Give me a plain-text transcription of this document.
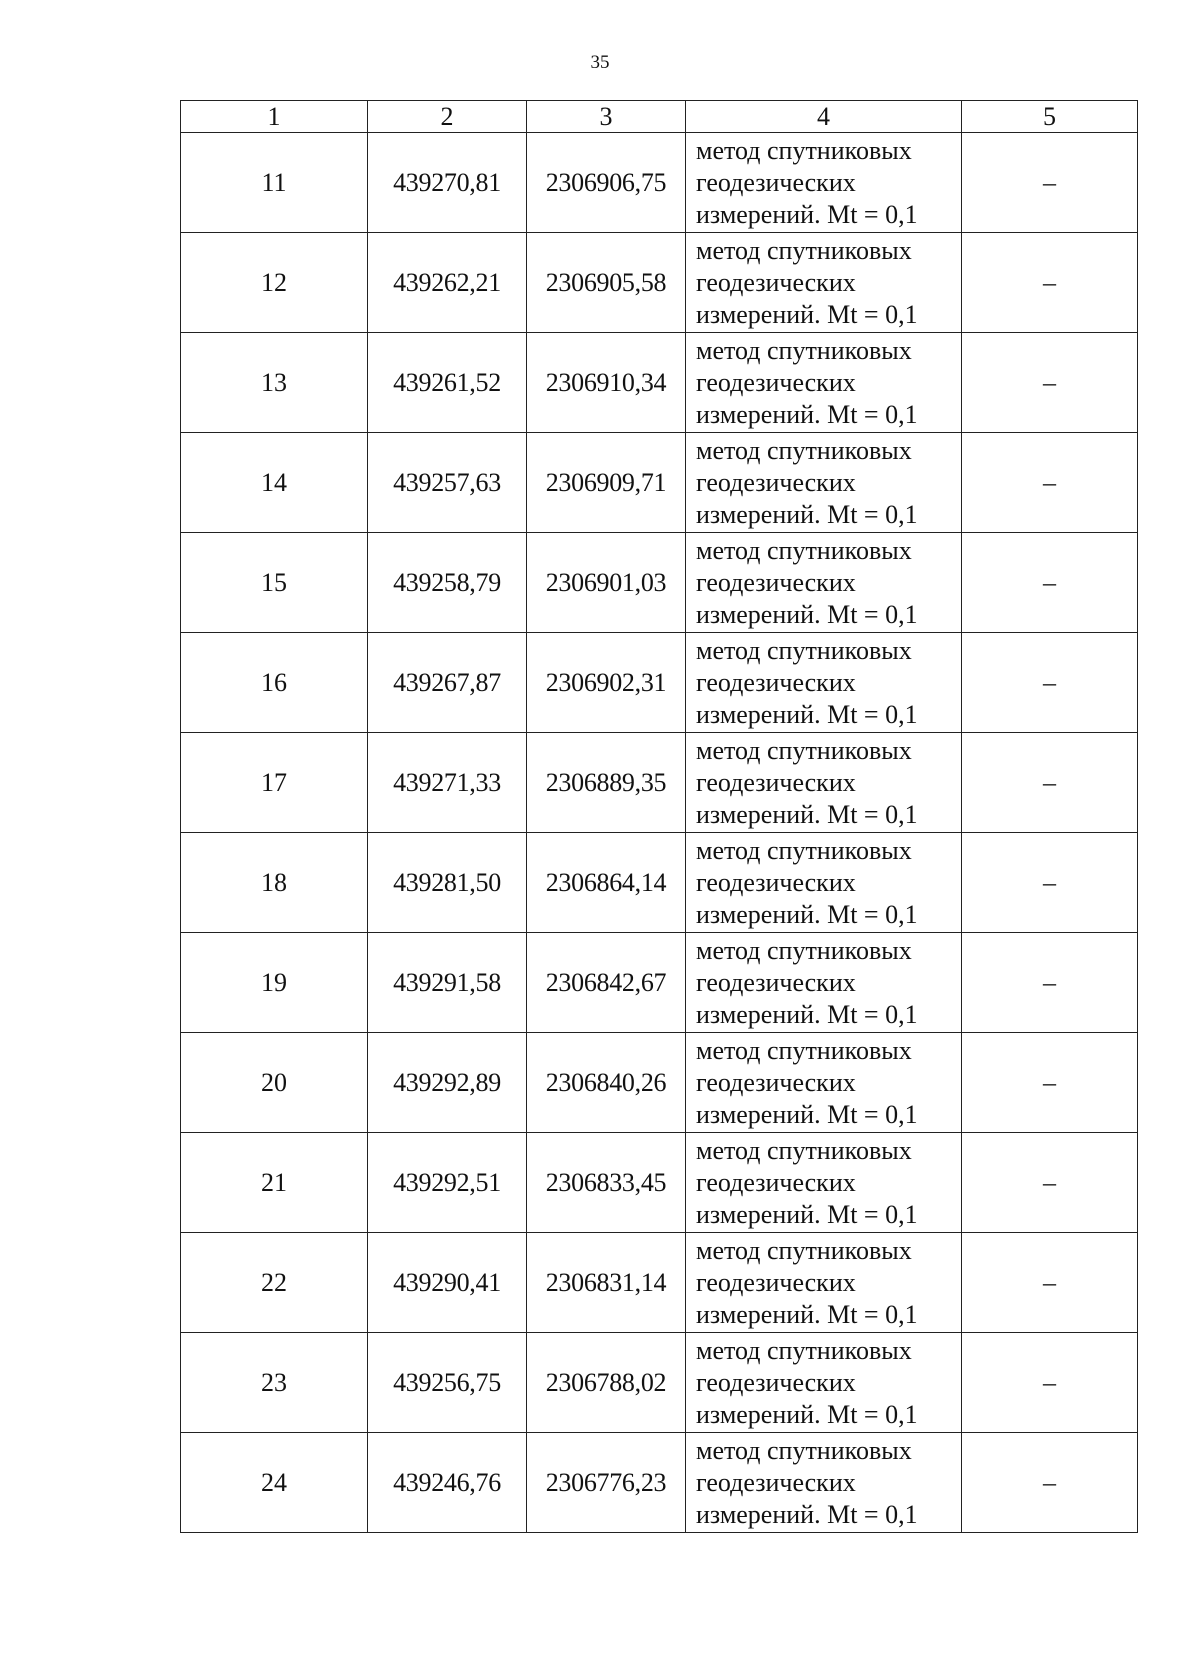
35
1	2	3	4	5
11	439270,81	2306906,75	метод спутниковых
геодезических
измерений. Mt = 0,1	–
12	439262,21	2306905,58	метод спутниковых
геодезических
измерений. Mt = 0,1	–
13	439261,52	2306910,34	метод спутниковых
геодезических
измерений. Mt = 0,1	–
14	439257,63	2306909,71	метод спутниковых
геодезических
измерений. Mt = 0,1	–
15	439258,79	2306901,03	метод спутниковых
геодезических
измерений. Mt = 0,1	–
16	439267,87	2306902,31	метод спутниковых
геодезических
измерений. Mt = 0,1	–
17	439271,33	2306889,35	метод спутниковых
геодезических
измерений. Mt = 0,1	–
18	439281,50	2306864,14	метод спутниковых
геодезических
измерений. Mt = 0,1	–
19	439291,58	2306842,67	метод спутниковых
геодезических
измерений. Mt = 0,1	–
20	439292,89	2306840,26	метод спутниковых
геодезических
измерений. Mt = 0,1	–
21	439292,51	2306833,45	метод спутниковых
геодезических
измерений. Mt = 0,1	–
22	439290,41	2306831,14	метод спутниковых
геодезических
измерений. Mt = 0,1	–
23	439256,75	2306788,02	метод спутниковых
геодезических
измерений. Mt = 0,1	–
24	439246,76	2306776,23	метод спутниковых
геодезических
измерений. Mt = 0,1	–
